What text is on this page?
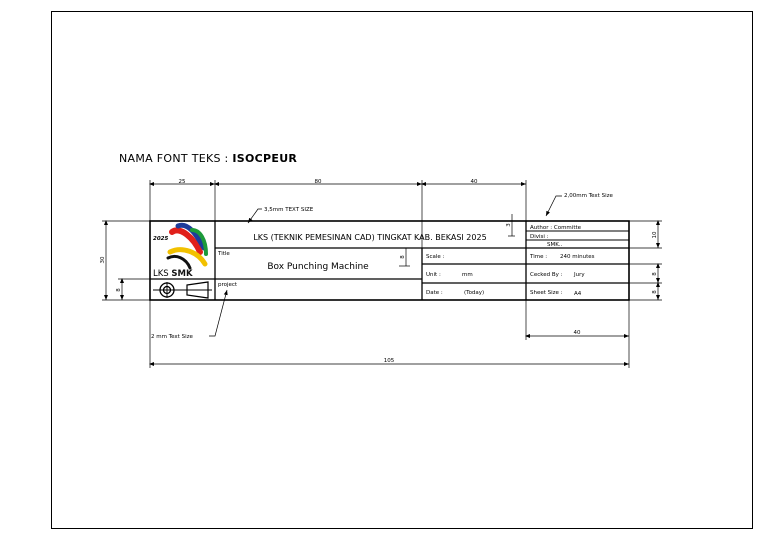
NAMA FONT TEKS : ISOCPEUR
25	80	40
40
105
30
8
10
8
8
8
3
3,5mm TEXT SIZE
2,00mm Text Size
2 mm Text Size
2025
LKS SMK
LKS (TEKNIK PEMESINAN CAD) TINGKAT KAB. BEKASI 2025
Title
Box Punching Machine
project
Scale :
Unit :	mm
Date :	(Today)
Author : Committe
Divisi :
SMK..
Time : 240 minutes
Cecked By : Jury
Sheet Size : A4
